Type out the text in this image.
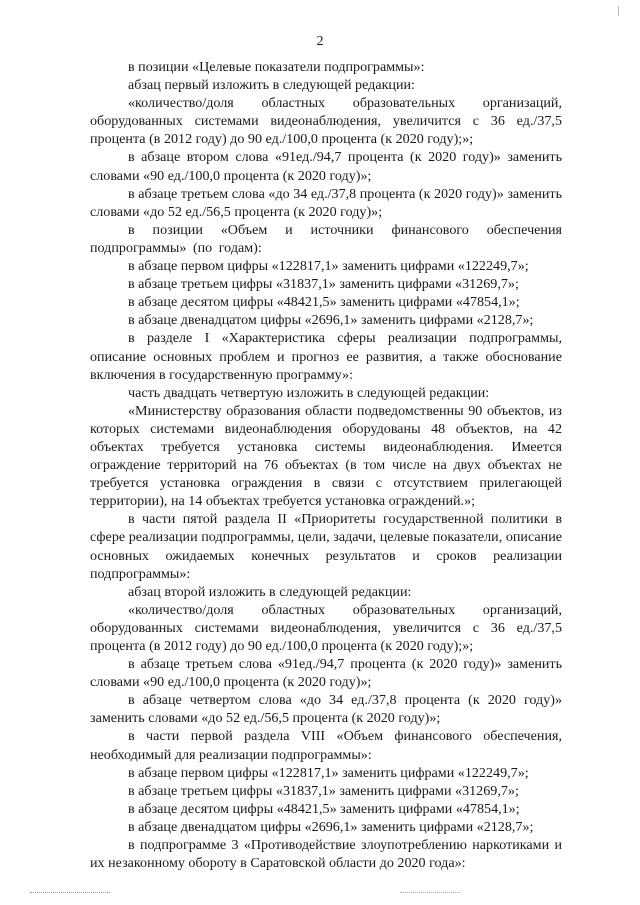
2

в позиции «Целевые показатели подпрограммы»:

абзац первый изложить в следующей редакции:

«количество/доля областных образовательных организаций, оборудованных системами видеонаблюдения, увеличится с 36 ед./37,5 процента (в 2012 году) до 90 ед./100,0 процента (к 2020 году);»;

в абзаце втором слова «91ед./94,7 процента (к 2020 году)» заменить словами «90 ед./100,0 процента (к 2020 году)»;

в абзаце третьем слова «до 34 ед./37,8 процента (к 2020 году)» заменить словами «до 52 ед./56,5 процента (к 2020 году)»;

в позиции «Объем и источники финансового обеспечения подпрограммы» (по годам):

в абзаце первом цифры «122817,1» заменить цифрами «122249,7»;

в абзаце третьем цифры «31837,1» заменить цифрами «31269,7»;

в абзаце десятом цифры «48421,5» заменить цифрами «47854,1»;

в абзаце двенадцатом цифры «2696,1» заменить цифрами «2128,7»;

в разделе I «Характеристика сферы реализации подпрограммы, описание основных проблем и прогноз ее развития, а также обоснование включения в государственную программу»:

часть двадцать четвертую изложить в следующей редакции:

«Министерству образования области подведомственны 90 объектов, из которых системами видеонаблюдения оборудованы 48 объектов, на 42 объектах требуется установка системы видеонаблюдения. Имеется ограждение территорий на 76 объектах (в том числе на двух объектах не требуется установка ограждения в связи с отсутствием прилегающей территории), на 14 объектах требуется установка ограждений.»;

в части пятой раздела II «Приоритеты государственной политики в сфере реализации подпрограммы, цели, задачи, целевые показатели, описание основных ожидаемых конечных результатов и сроков реализации подпрограммы»:

абзац второй изложить в следующей редакции:

«количество/доля областных образовательных организаций, оборудованных системами видеонаблюдения, увеличится с 36 ед./37,5 процента (в 2012 году) до 90 ед./100,0 процента (к 2020 году);»;

в абзаце третьем слова «91ед./94,7 процента (к 2020 году)» заменить словами «90 ед./100,0 процента (к 2020 году)»;

в абзаце четвертом слова «до 34 ед./37,8 процента (к 2020 году)» заменить словами «до 52 ед./56,5 процента (к 2020 году)»;

в части первой раздела VIII «Объем финансового обеспечения, необходимый для реализации подпрограммы»:

в абзаце первом цифры «122817,1» заменить цифрами «122249,7»;

в абзаце третьем цифры «31837,1» заменить цифрами «31269,7»;

в абзаце десятом цифры «48421,5» заменить цифрами «47854,1»;

в абзаце двенадцатом цифры «2696,1» заменить цифрами «2128,7»;

в подпрограмме 3 «Противодействие злоупотреблению наркотиками и их незаконному обороту в Саратовской области до 2020 года»:
